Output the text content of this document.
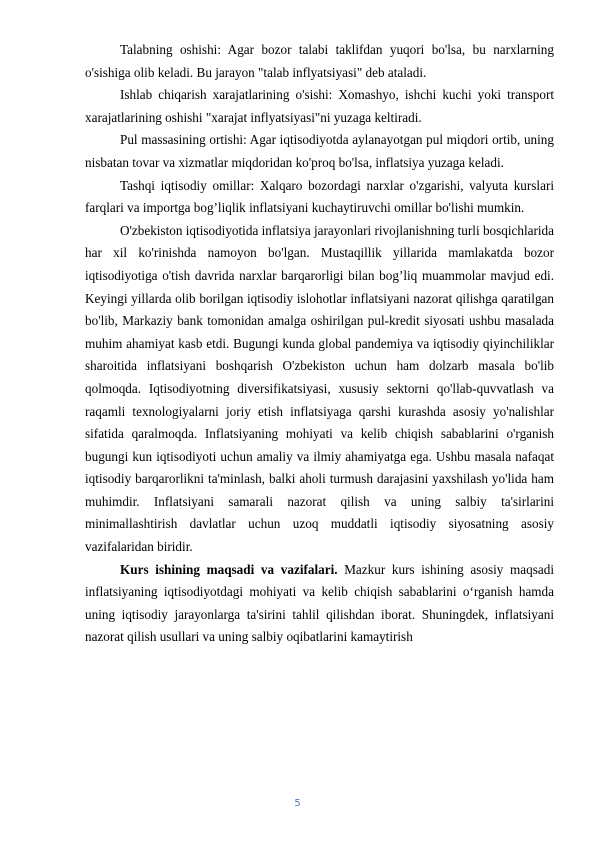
Talabning oshishi: Agar bozor talabi taklifdan yuqori bo'lsa, bu narxlarning o'sishiga olib keladi. Bu jarayon "talab inflyatsiyasi" deb ataladi.

Ishlab chiqarish xarajatlarining o'sishi: Xomashyo, ishchi kuchi yoki transport xarajatlarining oshishi "xarajat inflyatsiyasi"ni yuzaga keltiradi.

Pul massasining ortishi: Agar iqtisodiyotda aylanayotgan pul miqdori ortib, uning nisbatan tovar va xizmatlar miqdoridan ko'proq bo'lsa, inflatsiya yuzaga keladi.

Tashqi iqtisodiy omillar: Xalqaro bozordagi narxlar o'zgarishi, valyuta kurslari farqlari va importga bog’liqlik inflatsiyani kuchaytiruvchi omillar bo'lishi mumkin.

O'zbekiston iqtisodiyotida inflatsiya jarayonlari rivojlanishning turli bosqichlarida har xil ko'rinishda namoyon bo'lgan. Mustaqillik yillarida mamlakatda bozor iqtisodiyotiga o'tish davrida narxlar barqarorligi bilan bog’liq muammolar mavjud edi. Keyingi yillarda olib borilgan iqtisodiy islohotlar inflatsiyani nazorat qilishga qaratilgan bo'lib, Markaziy bank tomonidan amalga oshirilgan pul-kredit siyosati ushbu masalada muhim ahamiyat kasb etdi. Bugungi kunda global pandemiya va iqtisodiy qiyinchiliklar sharoitida inflatsiyani boshqarish O'zbekiston uchun ham dolzarb masala bo'lib qolmoqda. Iqtisodiyotning diversifikatsiyasi, xususiy sektorni qo'llab-quvvatlash va raqamli texnologiyalarni joriy etish inflatsiyaga qarshi kurashda asosiy yo'nalishlar sifatida qaralmoqda. Inflatsiyaning mohiyati va kelib chiqish sabablarini o'rganish bugungi kun iqtisodiyoti uchun amaliy va ilmiy ahamiyatga ega. Ushbu masala nafaqat iqtisodiy barqarorlikni ta'minlash, balki aholi turmush darajasini yaxshilash yo'lida ham muhimdir. Inflatsiyani samarali nazorat qilish va uning salbiy ta'sirlarini minimallashtirish davlatlar uchun uzoq muddatli iqtisodiy siyosatning asosiy vazifalaridan biridir.

Kurs ishining maqsadi va vazifalari. Mazkur kurs ishining asosiy maqsadi inflatsiyaning iqtisodiyotdagi mohiyati va kelib chiqish sabablarini o‘rganish hamda uning iqtisodiy jarayonlarga ta'sirini tahlil qilishdan iborat. Shuningdek, inflatsiyani nazorat qilish usullari va uning salbiy oqibatlarini kamaytirish

5
